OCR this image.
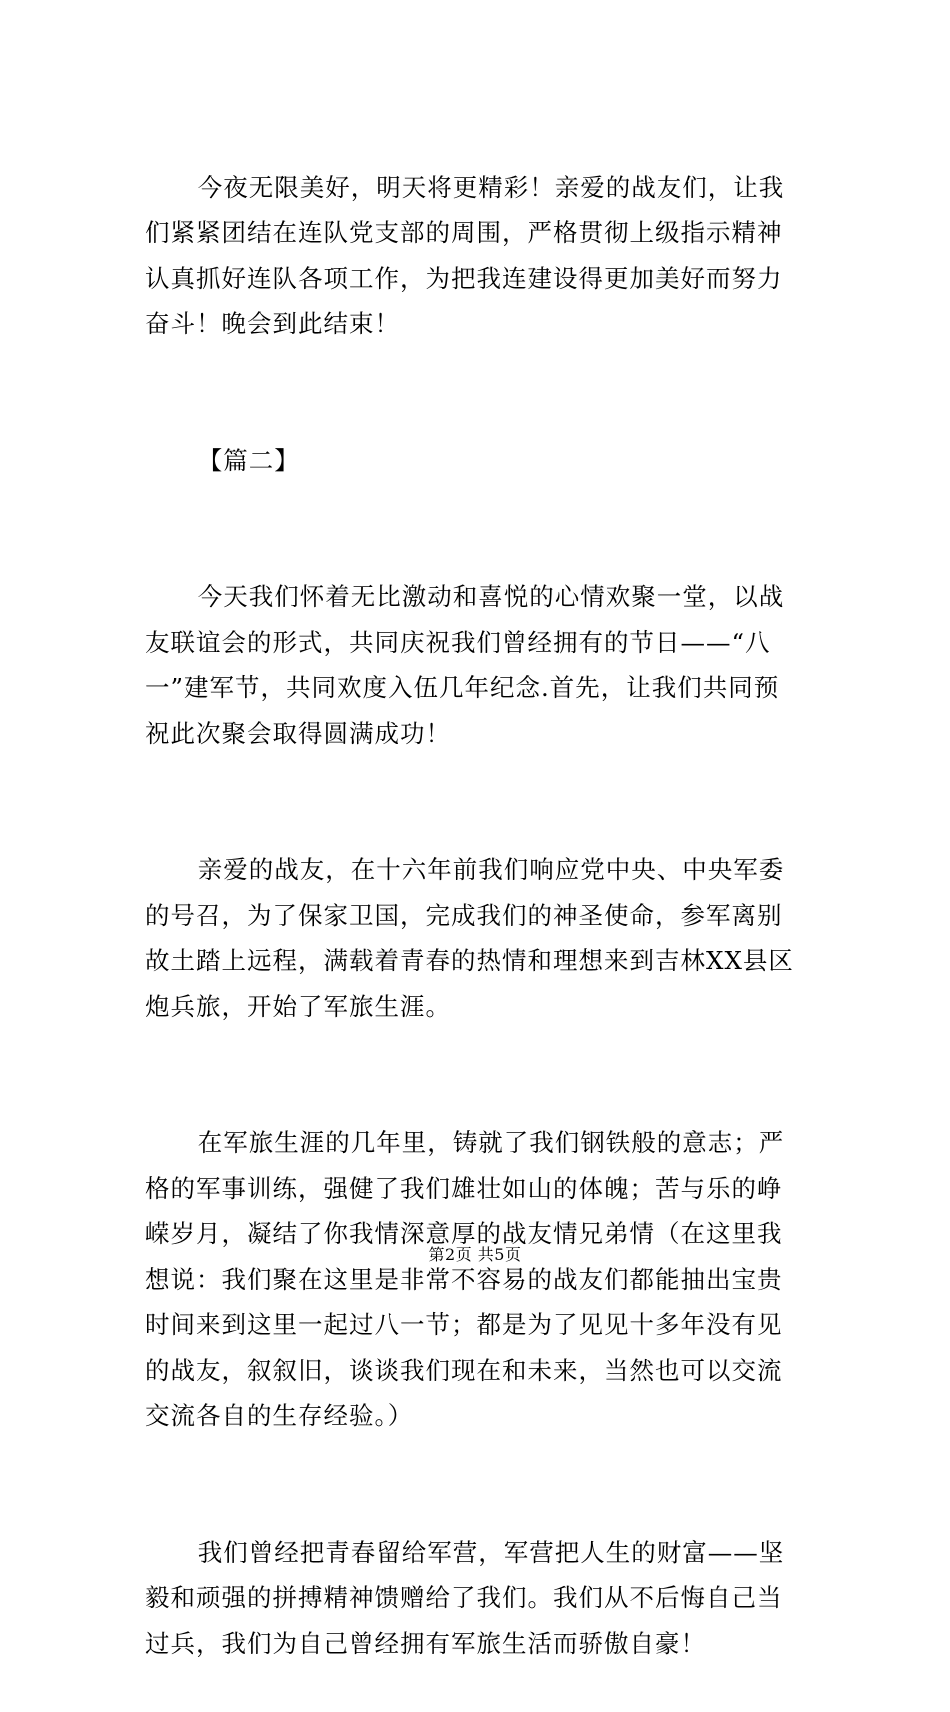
今夜无限美好，明天将更精彩！亲爱的战友们，让我
们紧紧团结在连队党支部的周围，严格贯彻上级指示精神
认真抓好连队各项工作，为把我连建设得更加美好而努力
奋斗！晚会到此结束！

【篇二】

今天我们怀着无比激动和喜悦的心情欢聚一堂，以战
友联谊会的形式，共同庆祝我们曾经拥有的节日——“八
一”建军节，共同欢度入伍几年纪念.首先，让我们共同预
祝此次聚会取得圆满成功！

亲爱的战友，在十六年前我们响应党中央、中央军委
的号召，为了保家卫国，完成我们的神圣使命，参军离别
故土踏上远程，满载着青春的热情和理想来到吉林XX县区
炮兵旅，开始了军旅生涯。

在军旅生涯的几年里，铸就了我们钢铁般的意志；严
格的军事训练，强健了我们雄壮如山的体魄；苦与乐的峥
嵘岁月，凝结了你我情深意厚的战友情兄弟情（在这里我
想说：我们聚在这里是非常不容易的战友们都能抽出宝贵
时间来到这里一起过八一节；都是为了见见十多年没有见
的战友，叙叙旧，谈谈我们现在和未来，当然也可以交流
交流各自的生存经验。）

我们曾经把青春留给军营，军营把人生的财富——坚
毅和顽强的拼搏精神馈赠给了我们。我们从不后悔自己当
过兵，我们为自己曾经拥有军旅生活而骄傲自豪！

第2页 共5页
